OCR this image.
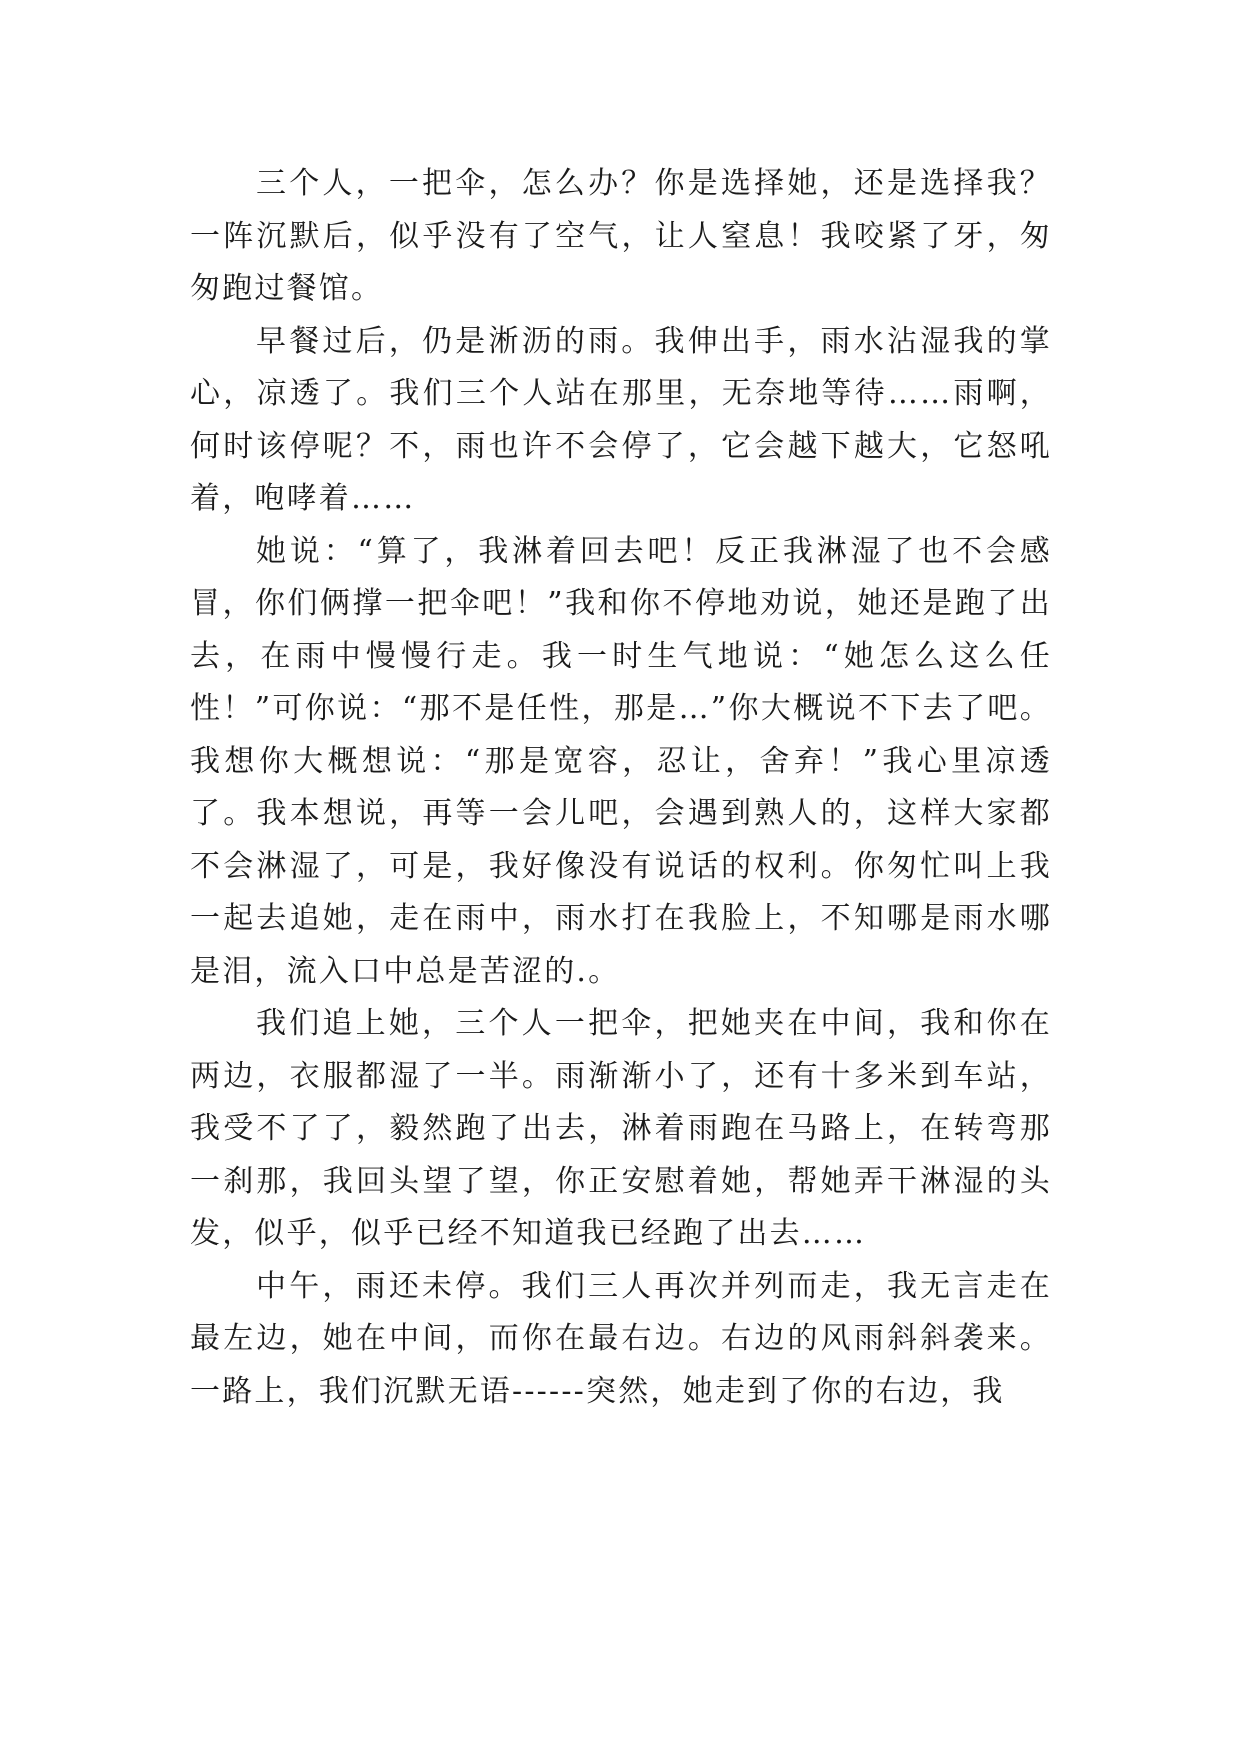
三个人，一把伞，怎么办？你是选择她，还是选择我？一阵沉默后，似乎没有了空气，让人窒息！我咬紧了牙，匆匆跑过餐馆。

早餐过后，仍是淅沥的雨。我伸出手，雨水沾湿我的掌心，凉透了。我们三个人站在那里，无奈地等待……雨啊，何时该停呢？不，雨也许不会停了，它会越下越大，它怒吼着，咆哮着……

她说：“算了，我淋着回去吧！反正我淋湿了也不会感冒，你们俩撑一把伞吧！”我和你不停地劝说，她还是跑了出去，在雨中慢慢行走。我一时生气地说：“她怎么这么任性！”可你说：“那不是任性，那是…”你大概说不下去了吧。我想你大概想说：“那是宽容，忍让，舍弃！”我心里凉透了。我本想说，再等一会儿吧，会遇到熟人的，这样大家都不会淋湿了，可是，我好像没有说话的权利。你匆忙叫上我一起去追她，走在雨中，雨水打在我脸上，不知哪是雨水哪是泪，流入口中总是苦涩的.。

我们追上她，三个人一把伞，把她夹在中间，我和你在两边，衣服都湿了一半。雨渐渐小了，还有十多米到车站，我受不了了，毅然跑了出去，淋着雨跑在马路上，在转弯那一刹那，我回头望了望，你正安慰着她，帮她弄干淋湿的头发，似乎，似乎已经不知道我已经跑了出去……

中午，雨还未停。我们三人再次并列而走，我无言走在最左边，她在中间，而你在最右边。右边的风雨斜斜袭来。一路上，我们沉默无语------突然，她走到了你的右边，我
